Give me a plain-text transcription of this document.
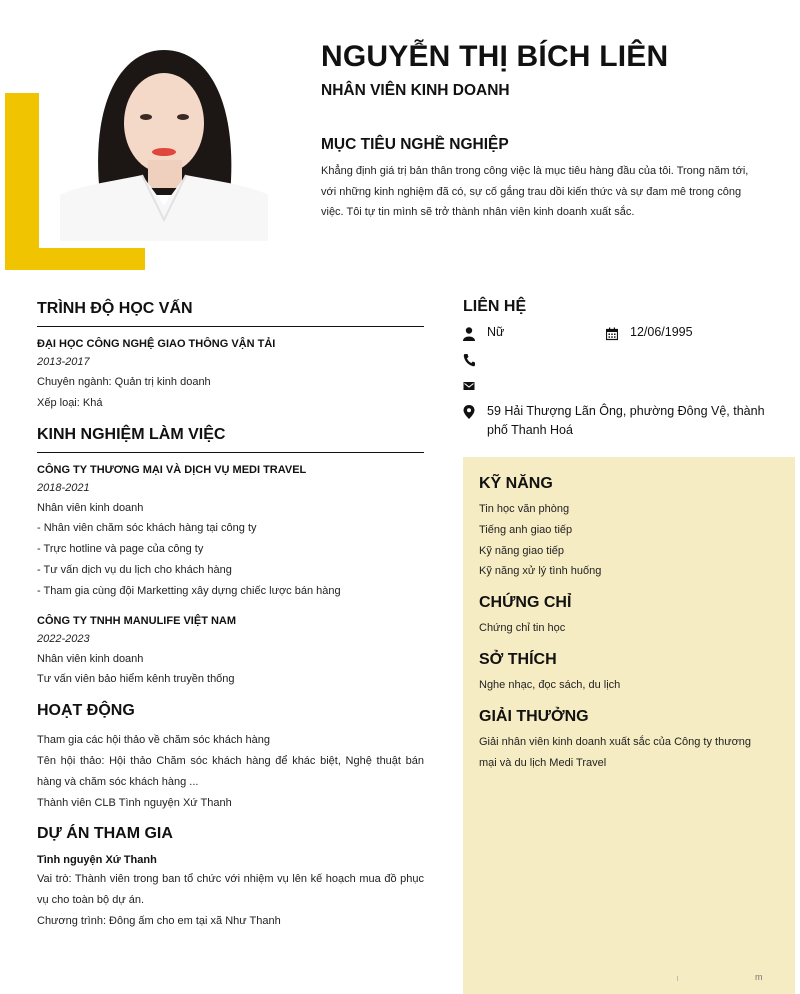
NGUYỄN THỊ BÍCH LIÊN
NHÂN VIÊN KINH DOANH
MỤC TIÊU NGHỀ NGHIỆP
Khẳng định giá trị bản thân trong công việc là mục tiêu hàng đầu của tôi. Trong năm tới, với những kinh nghiệm đã có, sự cố gắng trau dồi kiến thức và sự đam mê trong công việc. Tôi tự tin mình sẽ trở thành nhân viên kinh doanh xuất sắc.
TRÌNH ĐỘ HỌC VẤN
ĐẠI HỌC CÔNG NGHỆ GIAO THÔNG VẬN TẢI
2013-2017
Chuyên ngành: Quản trị kinh doanh
Xếp loại: Khá
KINH NGHIỆM LÀM VIỆC
CÔNG TY THƯƠNG MẠI VÀ DỊCH VỤ MEDI TRAVEL
2018-2021
Nhân viên kinh doanh
- Nhân viên chăm sóc khách hàng tại công ty
- Trực hotline và page của công ty
- Tư vấn dịch vụ du lịch cho khách hàng
- Tham gia cùng đội Marketting xây dựng chiếc lược bán hàng
CÔNG TY TNHH MANULIFE VIỆT NAM
2022-2023
Nhân viên kinh doanh
Tư vấn viên bảo hiểm kênh truyền thống
HOẠT ĐỘNG
Tham gia các hội thảo về chăm sóc khách hàng
Tên hội thảo: Hội thảo Chăm sóc khách hàng để khác biệt, Nghệ thuật bán hàng và chăm sóc khách hàng ...
Thành viên CLB Tình nguyện Xứ Thanh
DỰ ÁN THAM GIA
Tình nguyện Xứ Thanh
Vai trò: Thành viên trong ban tổ chức với nhiệm vụ lên kế hoạch mua đồ phục vụ cho toàn bộ dự án.
Chương trình: Đông ấm cho em tại xã Như Thanh
LIÊN HỆ
Nữ	12/06/1995
59 Hải Thượng Lãn Ông, phường Đông Vệ, thành phố Thanh Hoá
KỸ NĂNG
Tin học văn phòng
Tiếng anh giao tiếp
Kỹ năng giao tiếp
Kỹ năng xử lý tình huống
CHỨNG CHỈ
Chứng chỉ tin học
SỞ THÍCH
Nghe nhạc, đọc sách, du lịch
GIẢI THƯỞNG
Giải nhân viên kinh doanh xuất sắc của Công ty thương mại và du lịch Medi Travel
m
